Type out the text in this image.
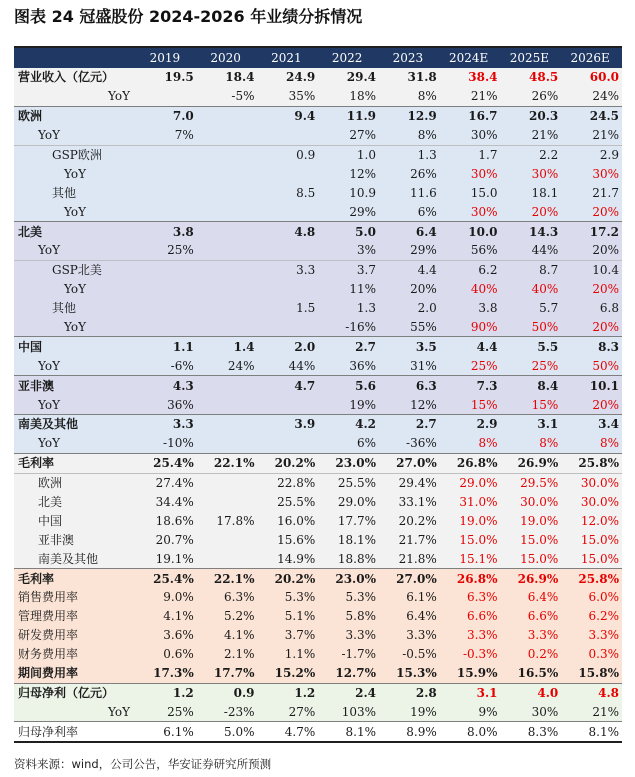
图表 24 冠盛股份 2024-2026 年业绩分拆情况
	2019	2020	2021	2022	2023	2024E	2025E	2026E
营业收入（亿元）	19.5	18.4	24.9	29.4	31.8	38.4	48.5	60.0
YoY		-5%	35%	18%	8%	21%	26%	24%
欧洲	7.0		9.4	11.9	12.9	16.7	20.3	24.5
YoY	7%			27%	8%	30%	21%	21%
GSP欧洲			0.9	1.0	1.3	1.7	2.2	2.9
YoY				12%	26%	30%	30%	30%
其他			8.5	10.9	11.6	15.0	18.1	21.7
YoY				29%	6%	30%	20%	20%
北美	3.8		4.8	5.0	6.4	10.0	14.3	17.2
YoY	25%			3%	29%	56%	44%	20%
GSP北美			3.3	3.7	4.4	6.2	8.7	10.4
YoY				11%	20%	40%	40%	20%
其他			1.5	1.3	2.0	3.8	5.7	6.8
YoY				-16%	55%	90%	50%	20%
中国	1.1	1.4	2.0	2.7	3.5	4.4	5.5	8.3
YoY	-6%	24%	44%	36%	31%	25%	25%	50%
亚非澳	4.3		4.7	5.6	6.3	7.3	8.4	10.1
YoY	36%			19%	12%	15%	15%	20%
南美及其他	3.3		3.9	4.2	2.7	2.9	3.1	3.4
YoY	-10%			6%	-36%	8%	8%	8%
毛利率	25.4%	22.1%	20.2%	23.0%	27.0%	26.8%	26.9%	25.8%
欧洲	27.4%		22.8%	25.5%	29.4%	29.0%	29.5%	30.0%
北美	34.4%		25.5%	29.0%	33.1%	31.0%	30.0%	30.0%
中国	18.6%	17.8%	16.0%	17.7%	20.2%	19.0%	19.0%	12.0%
亚非澳	20.7%		15.6%	18.1%	21.7%	15.0%	15.0%	15.0%
南美及其他	19.1%		14.9%	18.8%	21.8%	15.1%	15.0%	15.0%
毛利率	25.4%	22.1%	20.2%	23.0%	27.0%	26.8%	26.9%	25.8%
销售费用率	9.0%	6.3%	5.3%	5.3%	6.1%	6.3%	6.4%	6.0%
管理费用率	4.1%	5.2%	5.1%	5.8%	6.4%	6.6%	6.6%	6.2%
研发费用率	3.6%	4.1%	3.7%	3.3%	3.3%	3.3%	3.3%	3.3%
财务费用率	0.6%	2.1%	1.1%	-1.7%	-0.5%	-0.3%	0.2%	0.3%
期间费用率	17.3%	17.7%	15.2%	12.7%	15.3%	15.9%	16.5%	15.8%
归母净利（亿元）	1.2	0.9	1.2	2.4	2.8	3.1	4.0	4.8
YoY	25%	-23%	27%	103%	19%	9%	30%	21%
归母净利率	6.1%	5.0%	4.7%	8.1%	8.9%	8.0%	8.3%	8.1%
资料来源：wind，公司公告，华安证券研究所预测
